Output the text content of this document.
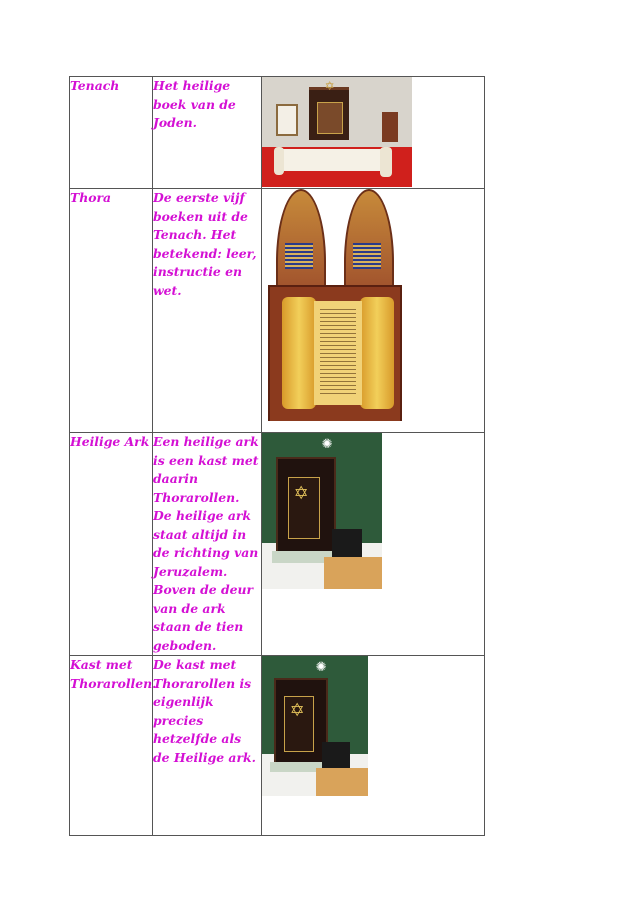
Tenach	Het heilige boek van de Joden.	✡

Thora	De eerste vijf boeken uit de Tenach. Het betekend: leer, instructie en wet.	

Heilige Ark	Een heilige ark is een kast met daarin Thorarollen. De heilige ark staat altijd in de richting van Jeruzalem. Boven de deur van de ark staan de tien geboden.	✺
✡

Kast met Thorarollen.	De kast met Thorarollen is eigenlijk precies hetzelfde als de Heilige ark.	✺
✡
